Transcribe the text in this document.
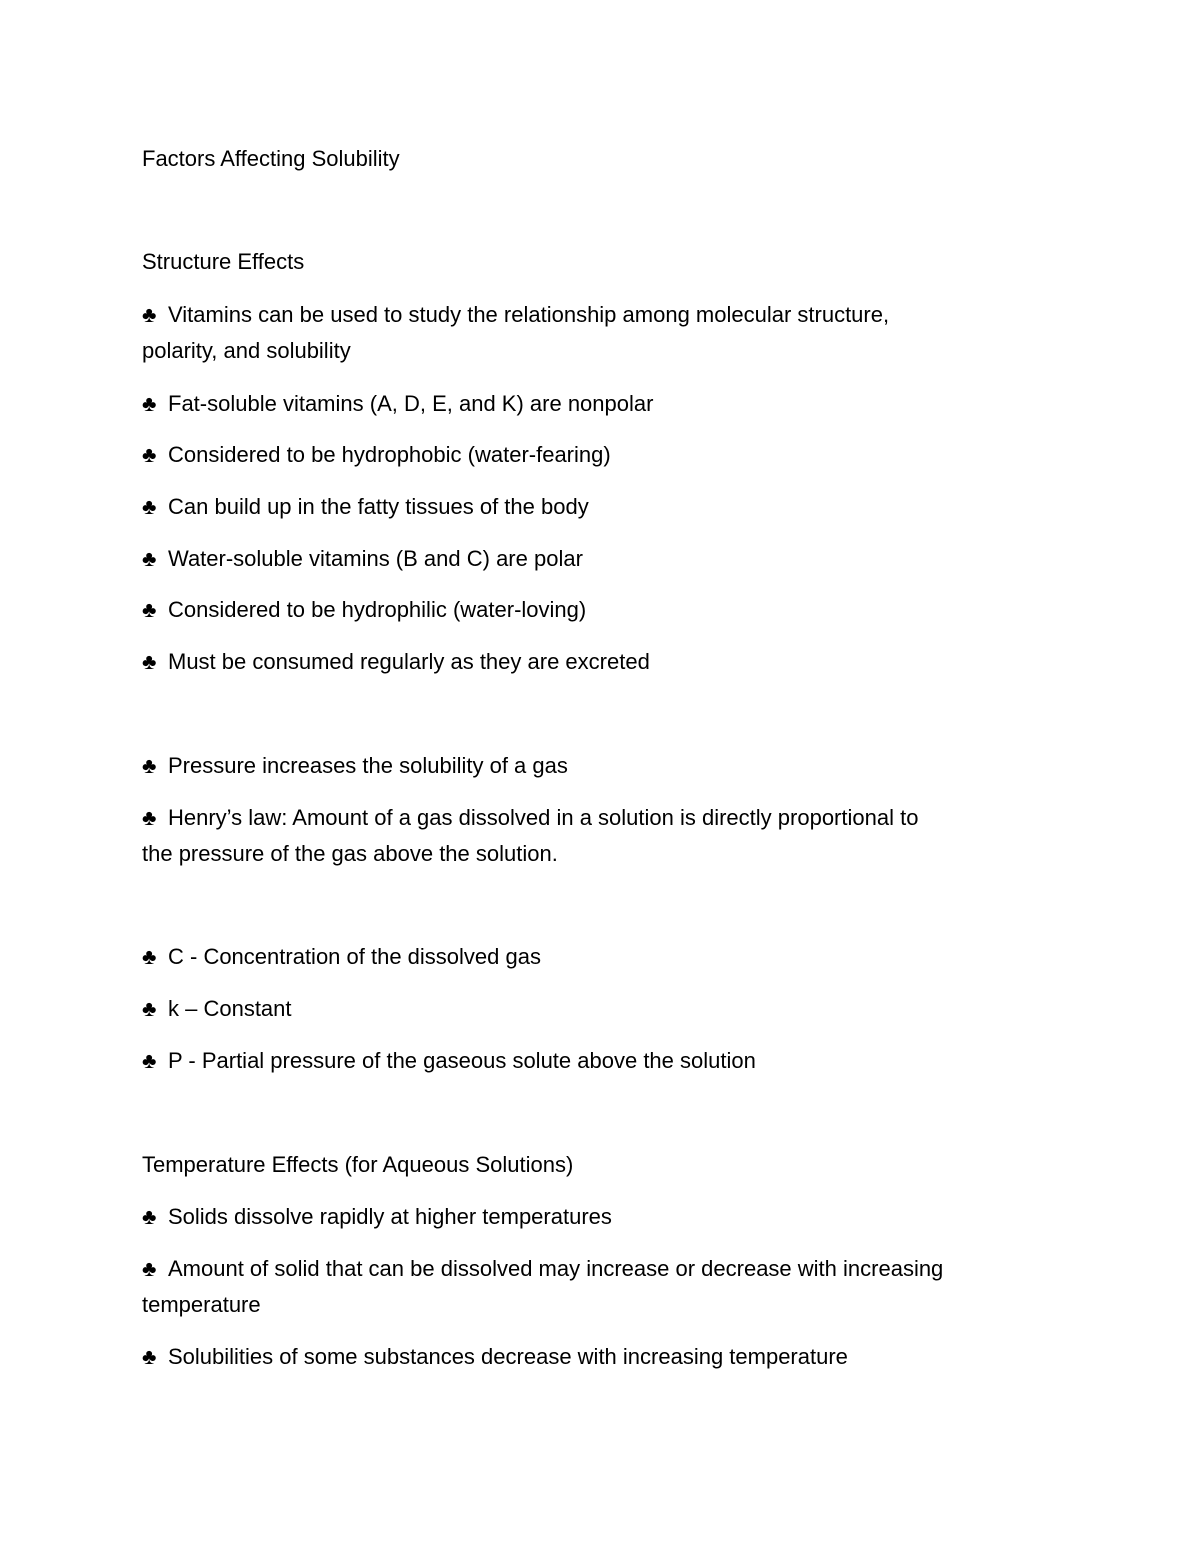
Factors Affecting Solubility
Structure Effects
♣ Vitamins can be used to study the relationship among molecular structure,
polarity, and solubility
♣ Fat-soluble vitamins (A, D, E, and K) are nonpolar
♣ Considered to be hydrophobic (water-fearing)
♣ Can build up in the fatty tissues of the body
♣ Water-soluble vitamins (B and C) are polar
♣ Considered to be hydrophilic (water-loving)
♣ Must be consumed regularly as they are excreted
♣ Pressure increases the solubility of a gas
♣ Henry’s law: Amount of a gas dissolved in a solution is directly proportional to
the pressure of the gas above the solution.
♣ C - Concentration of the dissolved gas
♣ k – Constant
♣ P - Partial pressure of the gaseous solute above the solution
Temperature Effects (for Aqueous Solutions)
♣ Solids dissolve rapidly at higher temperatures
♣ Amount of solid that can be dissolved may increase or decrease with increasing
temperature
♣ Solubilities of some substances decrease with increasing temperature
